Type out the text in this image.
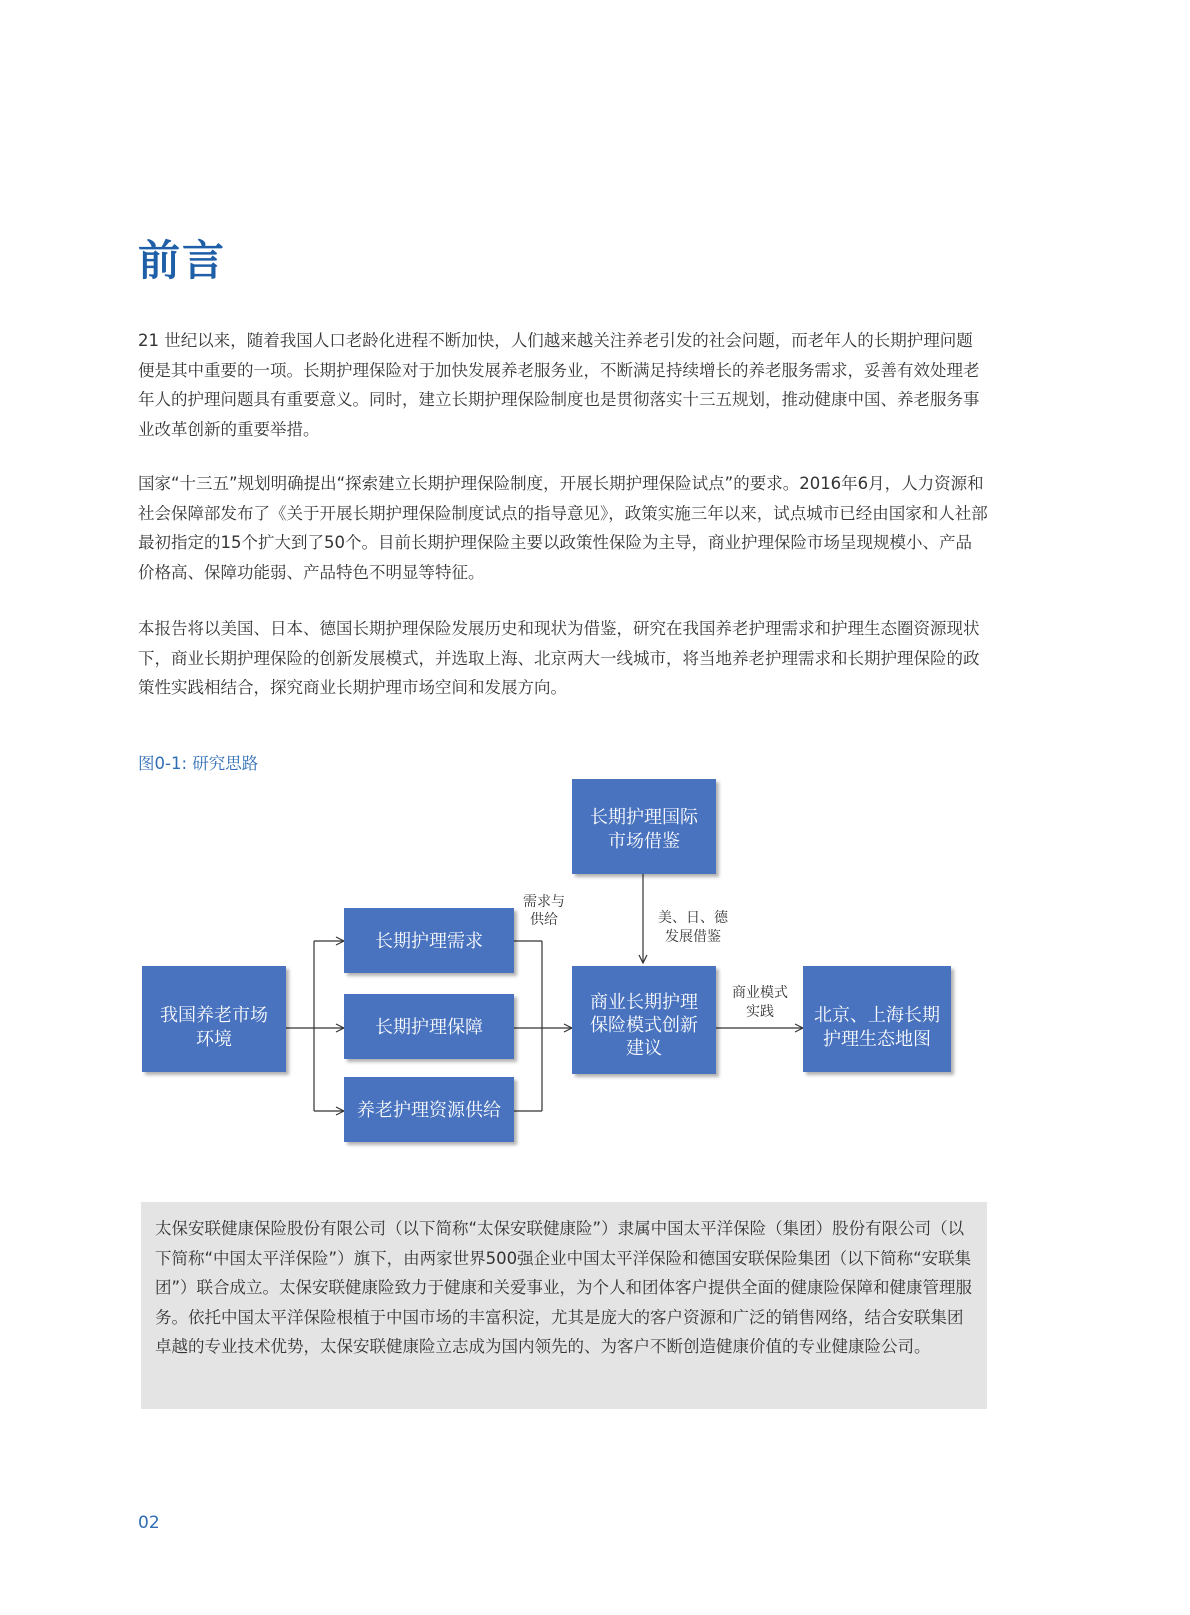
前言

21 世纪以来，随着我国人口老龄化进程不断加快，人们越来越关注养老引发的社会问题，而老年人的长期护理问题便是其中重要的一项。长期护理保险对于加快发展养老服务业，不断满足持续增长的养老服务需求，妥善有效处理老年人的护理问题具有重要意义。同时，建立长期护理保险制度也是贯彻落实十三五规划，推动健康中国、养老服务事业改革创新的重要举措。

国家“十三五”规划明确提出“探索建立长期护理保险制度，开展长期护理保险试点”的要求。2016年6月，人力资源和社会保障部发布了《关于开展长期护理保险制度试点的指导意见》，政策实施三年以来，试点城市已经由国家和人社部最初指定的15个扩大到了50个。目前长期护理保险主要以政策性保险为主导，商业护理保险市场呈现规模小、产品价格高、保障功能弱、产品特色不明显等特征。

本报告将以美国、日本、德国长期护理保险发展历史和现状为借鉴，研究在我国养老护理需求和护理生态圈资源现状下，商业长期护理保险的创新发展模式，并选取上海、北京两大一线城市，将当地养老护理需求和长期护理保险的政策性实践相结合，探究商业长期护理市场空间和发展方向。

图0-1: 研究思路
我国养老市场
环境
长期护理需求
长期护理保障
养老护理资源供给
长期护理国际
市场借鉴
商业长期护理
保险模式创新
建议
北京、上海长期
护理生态地图
需求与
供给	美、日、德
发展借鉴
商业模式
实践
太保安联健康保险股份有限公司（以下简称“太保安联健康险”）隶属中国太平洋保险（集团）股份有限公司（以下简称“中国太平洋保险”）旗下，由两家世界500强企业中国太平洋保险和德国安联保险集团（以下简称“安联集团”）联合成立。太保安联健康险致力于健康和关爱事业，为个人和团体客户提供全面的健康险保障和健康管理服务。依托中国太平洋保险根植于中国市场的丰富积淀，尤其是庞大的客户资源和广泛的销售网络，结合安联集团卓越的专业技术优势，太保安联健康险立志成为国内领先的、为客户不断创造健康价值的专业健康险公司。
02
